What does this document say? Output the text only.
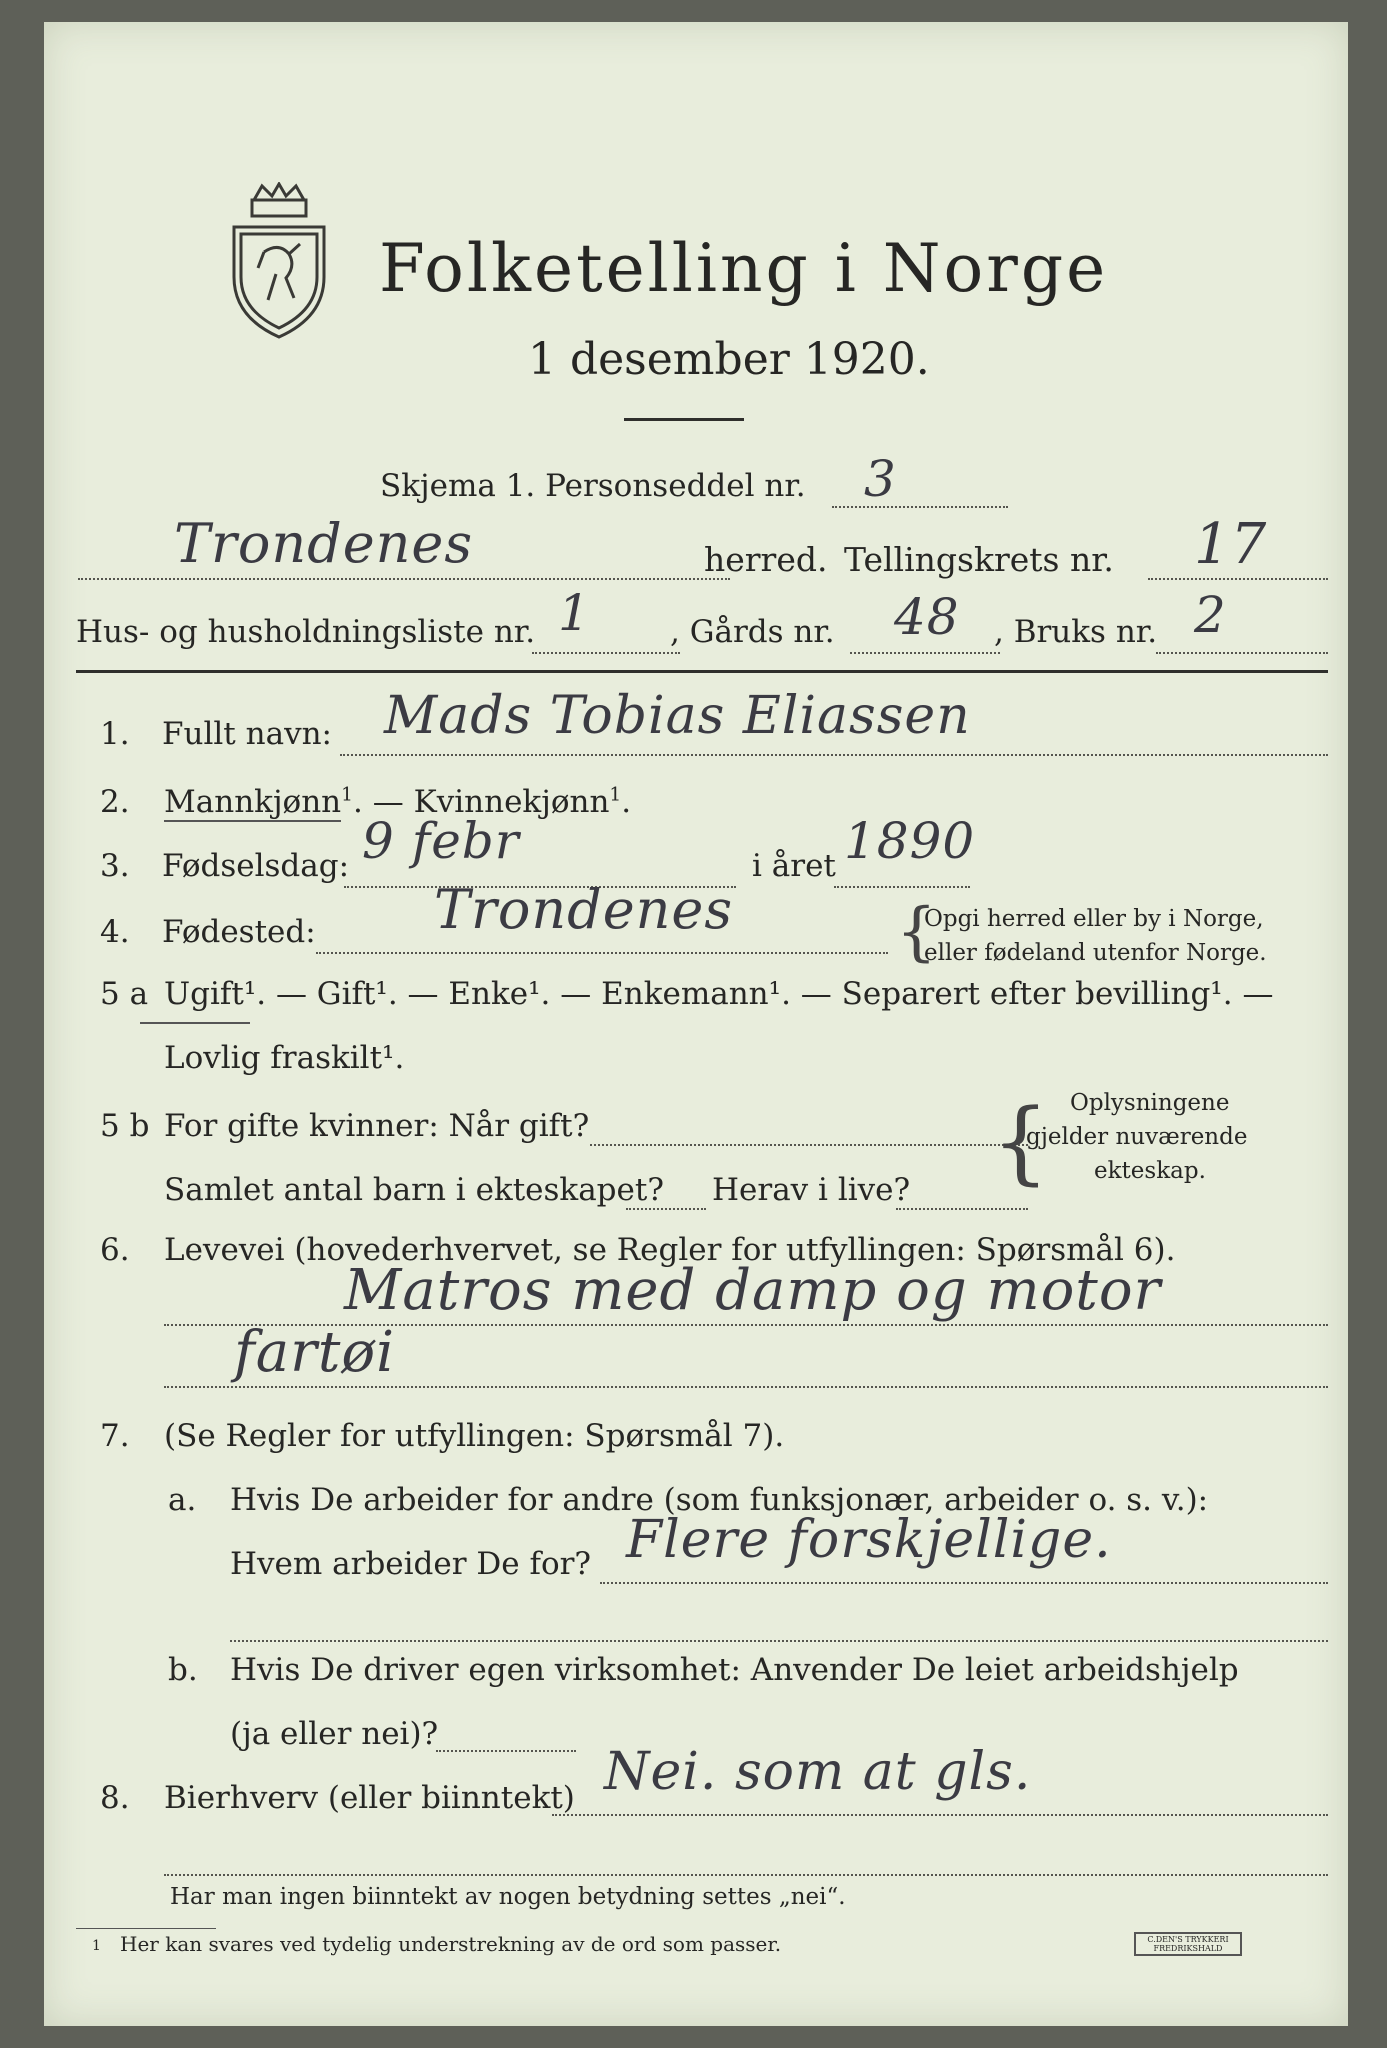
Folketelling i Norge
1 desember 1920.
Skjema 1. Personseddel nr. 3
Trondenes	herred. Tellingskrets nr. 17
Hus- og husholdningsliste nr. 1	, Gårds nr. 48 , Bruks nr. 2
1. Fullt navn: Mads Tobias Eliassen
2. Mannkjønn$^1$. — Kvinnekjønn$^1$.
3. Fødselsdag: 9 febr	i året 1890
4. Fødested: Trondenes	{
Opgi herred eller by i Norge,
eller fødeland utenfor Norge.
5 a Ugift¹. — Gift¹. — Enke¹. — Enkemann¹. — Separert efter bevilling¹. —
Lovlig fraskilt¹.
5 b For gifte kvinner: Når gift?
Samlet antal barn i ekteskapet? Herav i live? { Oplysningene
gjelder nuværende
ekteskap.
6. Levevei (hovederhvervet, se Regler for utfyllingen: Spørsmål 6).
Matros med damp og motor
fartøi
7. (Se Regler for utfyllingen: Spørsmål 7).
a. Hvis De arbeider for andre (som funksjonær, arbeider o. s. v.):
Hvem arbeider De for? Flere forskjellige.
b. Hvis De driver egen virksomhet: Anvender De leiet arbeidshjelp
(ja eller nei)?
8. Bierhverv (eller biinntekt) Nei. som at gls.
Har man ingen biinntekt av nogen betydning settes „nei“.
1 Her kan svares ved tydelig understrekning av de ord som passer.	C.DEN'S TRYKKERI
FREDRIKSHALD
